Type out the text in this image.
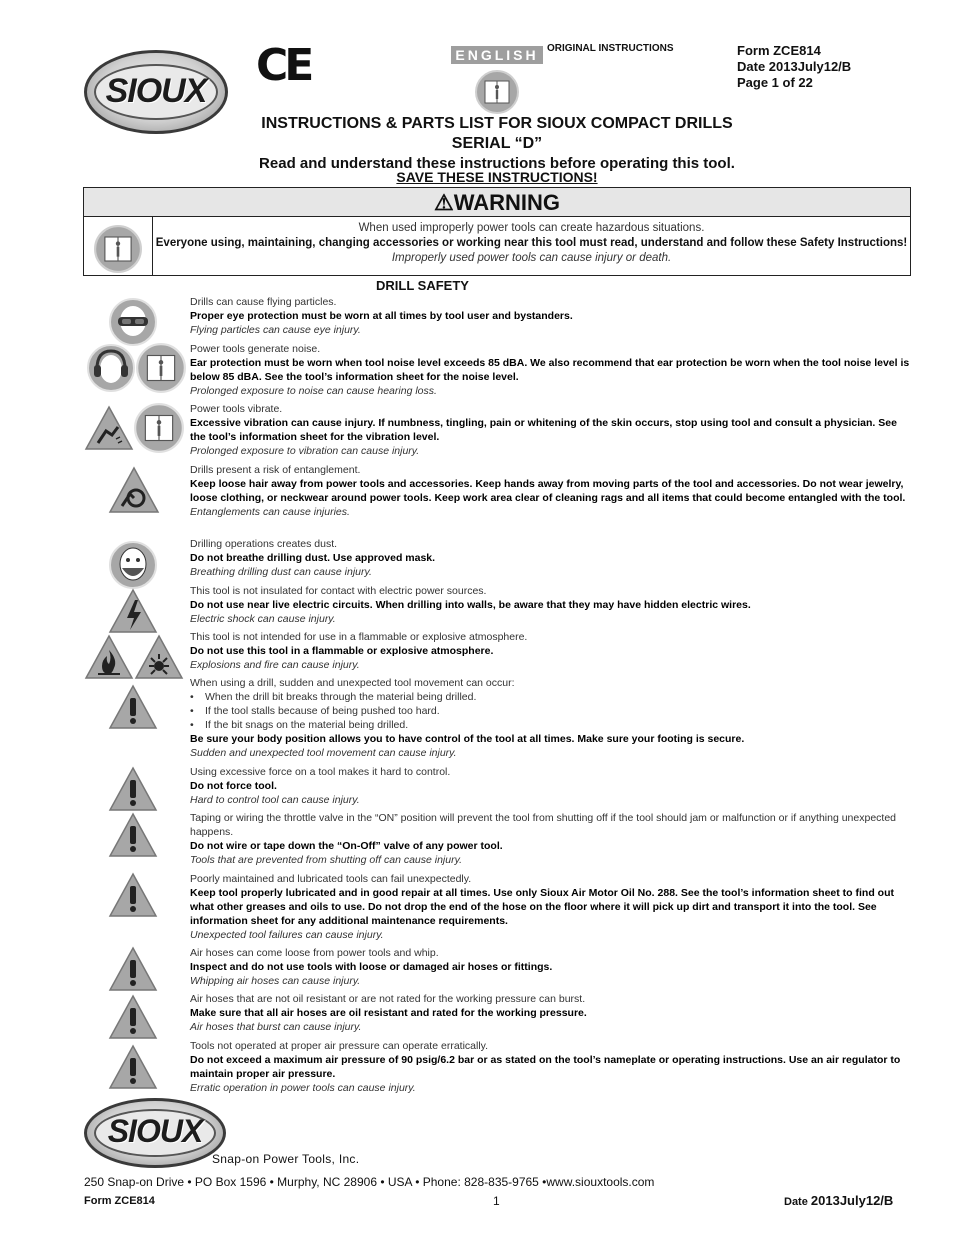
SIOUX	CE	ENGLISH ORIGINAL INSTRUCTIONS	Form ZCE814
Date 2013July12/B
Page 1 of 22
INSTRUCTIONS & PARTS LIST FOR SIOUX COMPACT DRILLS
SERIAL “D”
Read and understand these instructions before operating this tool.
SAVE THESE INSTRUCTIONS!
⚠WARNING
When used improperly power tools can create hazardous situations.
Everyone using, maintaining, changing accessories or working near this tool must read, understand and follow these Safety Instructions!
Improperly used power tools can cause injury or death.
DRILL SAFETY
Drills can cause flying particles.
Proper eye protection must be worn at all times by tool user and bystanders.
Flying particles can cause eye injury.
Power tools generate noise.
Ear protection must be worn when tool noise level exceeds 85 dBA. We also recommend that ear protection be worn when the tool noise level is below 85 dBA. See the tool’s information sheet for the noise level.
Prolonged exposure to noise can cause hearing loss.
Power tools vibrate.
Excessive vibration can cause injury. If numbness, tingling, pain or whitening of the skin occurs, stop using tool and consult a physician. See the tool’s information sheet for the vibration level.
Prolonged exposure to vibration can cause injury.
Drills present a risk of entanglement.
Keep loose hair away from power tools and accessories. Keep hands away from moving parts of the tool and accessories. Do not wear jewelry, loose clothing, or neckwear around power tools. Keep work area clear of cleaning rags and all items that could become entangled with the tool.
Entanglements can cause injuries.
Drilling operations creates dust.
Do not breathe drilling dust. Use approved mask.
Breathing drilling dust can cause injury.
This tool is not insulated for contact with electric power sources.
Do not use near live electric circuits. When drilling into walls, be aware that they may have hidden electric wires.
Electric shock can cause injury.
This tool is not intended for use in a flammable or explosive atmosphere.
Do not use this tool in a flammable or explosive atmosphere.
Explosions and fire can cause injury.
When using a drill, sudden and unexpected tool movement can occur:
• When the drill bit breaks through the material being drilled.
• If the tool stalls because of being pushed too hard.
• If the bit snags on the material being drilled.
Be sure your body position allows you to have control of the tool at all times. Make sure your footing is secure.
Sudden and unexpected tool movement can cause injury.
Using excessive force on a tool makes it hard to control.
Do not force tool.
Hard to control tool can cause injury.
Taping or wiring the throttle valve in the “ON” position will prevent the tool from shutting off if the tool should jam or malfunction or if anything unexpected happens.
Do not wire or tape down the “On-Off” valve of any power tool.
Tools that are prevented from shutting off can cause injury.
Poorly maintained and lubricated tools can fail unexpectedly.
Keep tool properly lubricated and in good repair at all times. Use only Sioux Air Motor Oil No. 288. See the tool’s information sheet to find out what other greases and oils to use. Do not drop the end of the hose on the floor where it will pick up dirt and transport it into the tool. See information sheet for any additional maintenance requirements.
Unexpected tool failures can cause injury.
Air hoses can come loose from power tools and whip.
Inspect and do not use tools with loose or damaged air hoses or fittings.
Whipping air hoses can cause injury.
Air hoses that are not oil resistant or are not rated for the working pressure can burst.
Make sure that all air hoses are oil resistant and rated for the working pressure.
Air hoses that burst can cause injury.
Tools not operated at proper air pressure can operate erratically.
Do not exceed a maximum air pressure of 90 psig/6.2 bar or as stated on the tool’s nameplate or operating instructions. Use an air regulator to maintain proper air pressure.
Erratic operation in power tools can cause injury.
SIOUX
Snap-on Power Tools, Inc.
250 Snap-on Drive • PO Box 1596 • Murphy, NC 28906 • USA • Phone: 828-835-9765 •www.siouxtools.com
Form ZCE814	1	Date 2013July12/B
